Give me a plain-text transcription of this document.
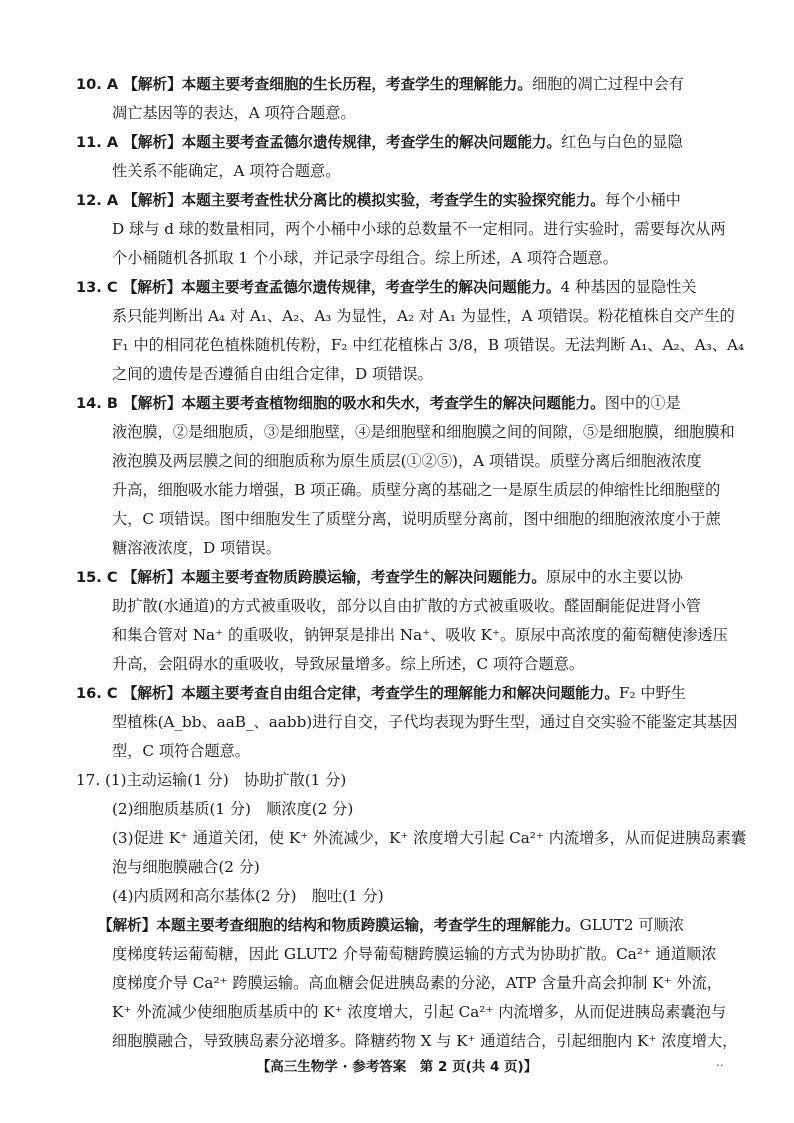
10. A 【解析】本题主要考查细胞的生长历程，考查学生的理解能力。细胞的凋亡过程中会有
凋亡基因等的表达，A 项符合题意。
11. A 【解析】本题主要考查孟德尔遗传规律，考查学生的解决问题能力。红色与白色的显隐
性关系不能确定，A 项符合题意。
12. A 【解析】本题主要考查性状分离比的模拟实验，考查学生的实验探究能力。每个小桶中
D 球与 d 球的数量相同，两个小桶中小球的总数量不一定相同。进行实验时，需要每次从两
个小桶随机各抓取 1 个小球，并记录字母组合。综上所述，A 项符合题意。
13. C 【解析】本题主要考查孟德尔遗传规律，考查学生的解决问题能力。4 种基因的显隐性关
系只能判断出 A₄ 对 A₁、A₂、A₃ 为显性，A₂ 对 A₁ 为显性，A 项错误。粉花植株自交产生的
F₁ 中的相同花色植株随机传粉，F₂ 中红花植株占 3/8，B 项错误。无法判断 A₁、A₂、A₃、A₄
之间的遗传是否遵循自由组合定律，D 项错误。
14. B 【解析】本题主要考查植物细胞的吸水和失水，考查学生的解决问题能力。图中的①是
液泡膜，②是细胞质，③是细胞壁，④是细胞壁和细胞膜之间的间隙，⑤是细胞膜，细胞膜和
液泡膜及两层膜之间的细胞质称为原生质层(①②⑤)，A 项错误。质壁分离后细胞液浓度
升高，细胞吸水能力增强，B 项正确。质壁分离的基础之一是原生质层的伸缩性比细胞壁的
大，C 项错误。图中细胞发生了质壁分离，说明质壁分离前，图中细胞的细胞液浓度小于蔗
糖溶液浓度，D 项错误。
15. C 【解析】本题主要考查物质跨膜运输，考查学生的解决问题能力。原尿中的水主要以协
助扩散(水通道)的方式被重吸收，部分以自由扩散的方式被重吸收。醛固酮能促进肾小管
和集合管对 Na⁺ 的重吸收，钠钾泵是排出 Na⁺、吸收 K⁺。原尿中高浓度的葡萄糖使渗透压
升高，会阻碍水的重吸收，导致尿量增多。综上所述，C 项符合题意。
16. C 【解析】本题主要考查自由组合定律，考查学生的理解能力和解决问题能力。F₂ 中野生
型植株(A_bb、aaB_、aabb)进行自交，子代均表现为野生型，通过自交实验不能鉴定其基因
型，C 项符合题意。
17. (1)主动运输(1 分)　协助扩散(1 分)
(2)细胞质基质(1 分)　顺浓度(2 分)
(3)促进 K⁺ 通道关闭，使 K⁺ 外流减少，K⁺ 浓度增大引起 Ca²⁺ 内流增多，从而促进胰岛素囊
泡与细胞膜融合(2 分)
(4)内质网和高尔基体(2 分)　胞吐(1 分)
【解析】本题主要考查细胞的结构和物质跨膜运输，考查学生的理解能力。GLUT2 可顺浓
度梯度转运葡萄糖，因此 GLUT2 介导葡萄糖跨膜运输的方式为协助扩散。Ca²⁺ 通道顺浓
度梯度介导 Ca²⁺ 跨膜运输。高血糖会促进胰岛素的分泌，ATP 含量升高会抑制 K⁺ 外流，
K⁺ 外流减少使细胞质基质中的 K⁺ 浓度增大，引起 Ca²⁺ 内流增多，从而促进胰岛素囊泡与
细胞膜融合，导致胰岛素分泌增多。降糖药物 X 与 K⁺ 通道结合，引起细胞内 K⁺ 浓度增大，
【高三生物学 · 参考答案　第 2 页(共 4 页)】	..
